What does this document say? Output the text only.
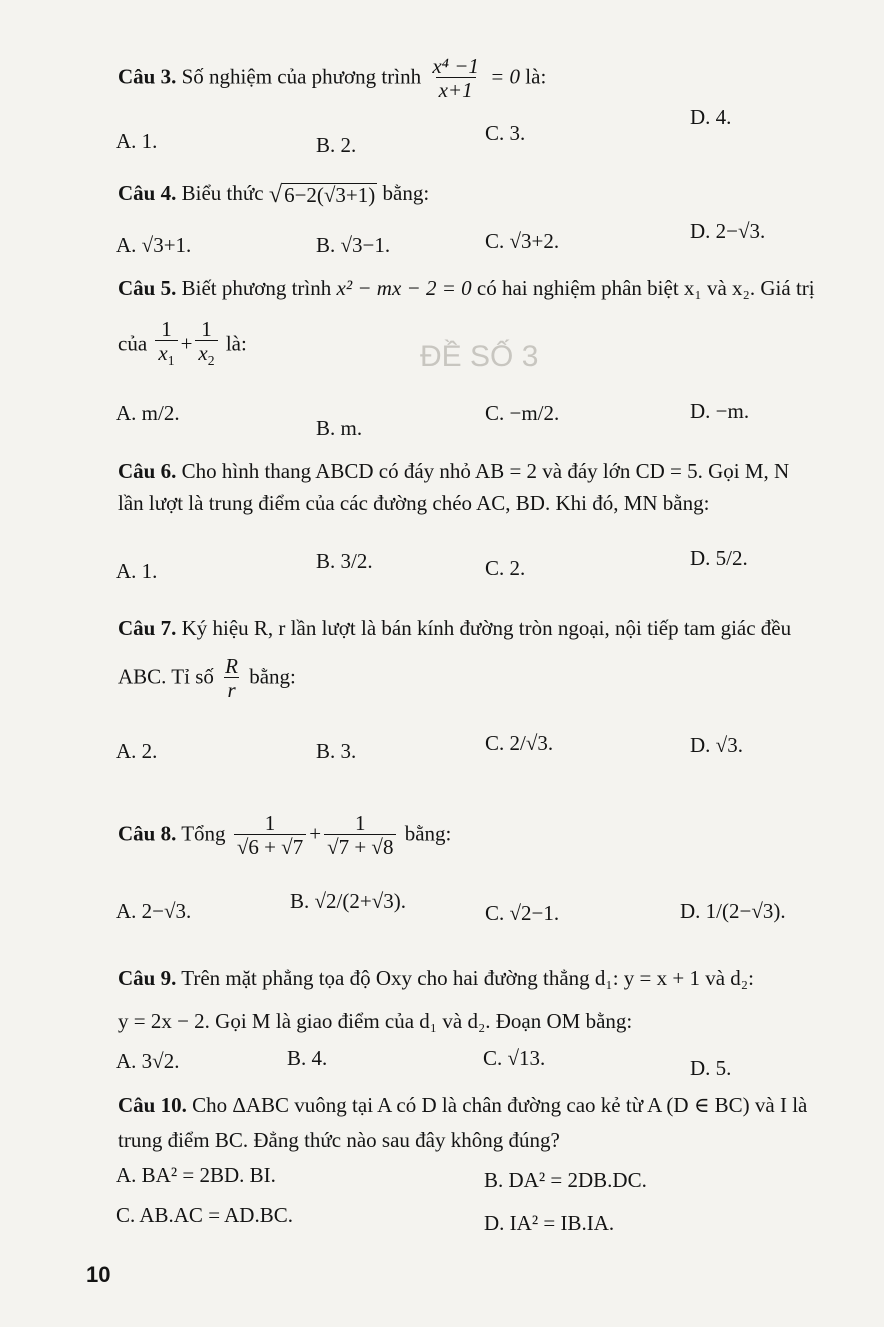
ĐỀ SỐ 3
Câu 3. Số nghiệm của phương trình $\frac{\text{x⁴ −1}}{x+1} = 0$ là:
A. 1.	B. 2.	C. 3.
D. 4.
Câu 4. Biểu thức √ 6−2(√3+1) bằng:
A. √3+1.	B. √3−1.	C. √3+2.	D. 2−√3.
Câu 5. Biết phương trình x² − mx − 2 = 0 có hai nghiệm phân biệt x₁ và x₂. Giá trị
của $\frac{1}{x_1} + \frac{1}{x_2}$ là:
A. m/2.
B. m.
C. −m/2.	D. −m.
Câu 6. Cho hình thang ABCD có đáy nhỏ AB = 2 và đáy lớn CD = 5. Gọi M, N
lần lượt là trung điểm của các đường chéo AC, BD. Khi đó, MN bằng:
A. 1.	B. 3/2.	C. 2.	D. 5/2.
Câu 7. Ký hiệu R, r lần lượt là bán kính đường tròn ngoại, nội tiếp tam giác đều
ABC. Tỉ số $\frac{R}{r}$ bằng:
A. 2.	B. 3.	C. 2/√3.	D. √3.
Câu 8. Tổng $\frac{1}{√6 + √7} + \frac{1}{√7 + √8}$ bằng:
A. 2−√3.	B. √2/(2+√3).	C. √2−1.	D. 1/(2−√3).
Câu 9. Trên mặt phẳng tọa độ Oxy cho hai đường thẳng d₁: y = x + 1 và d₂:
y = 2x − 2. Gọi M là giao điểm của d₁ và d₂. Đoạn OM bằng:
A. 3√2.	B. 4.	C. √13.	D. 5.
Câu 10. Cho ΔABC vuông tại A có D là chân đường cao kẻ từ A (D ∈ BC) và I là
trung điểm BC. Đẳng thức nào sau đây không đúng?
A. BA² = 2BD. BI.	B. DA² = 2DB.DC.
C. AB.AC = AD.BC.	D. IA² = IB.IA.
10
